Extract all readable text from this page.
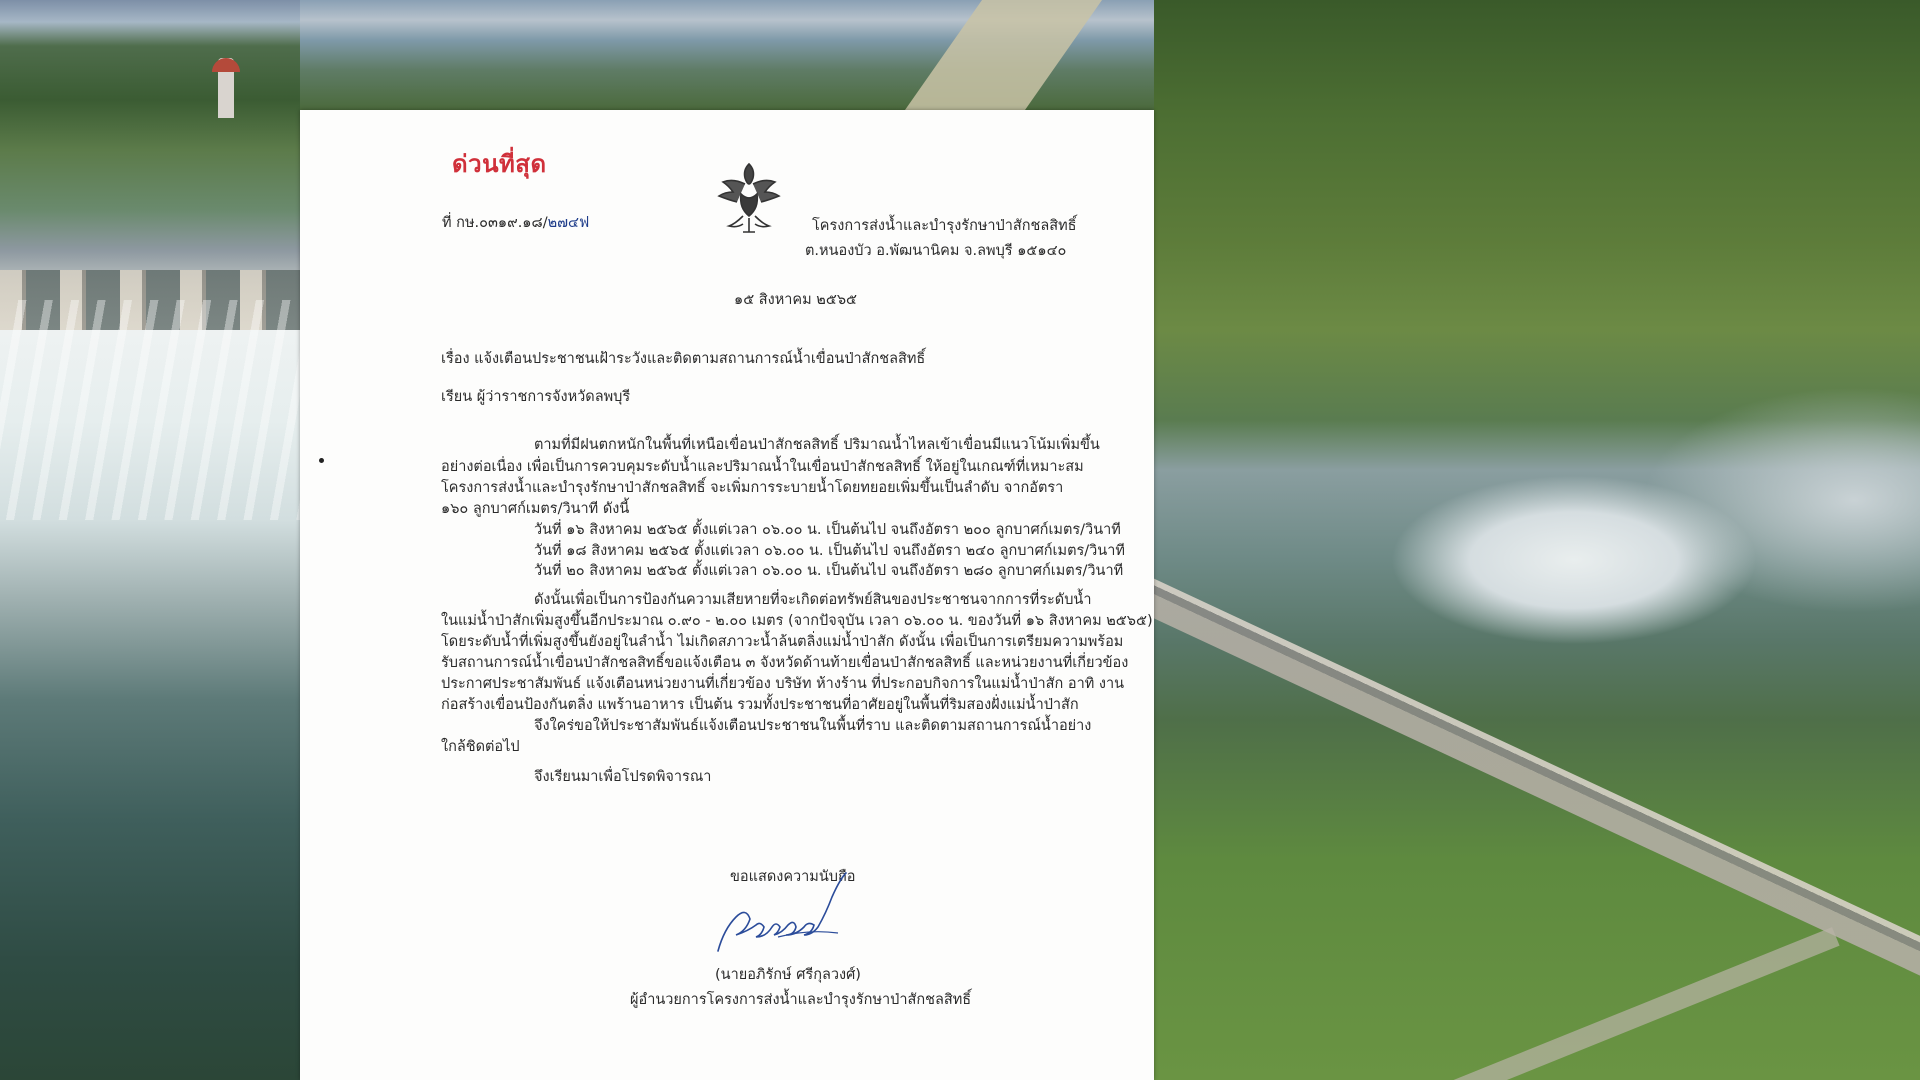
ด่วนที่สุด
ที่ กษ.๐๓๑๙.๑๘/๒๗๔ฟ	โครงการส่งน้ำและบำรุงรักษาป่าสักชลสิทธิ์
ต.หนองบัว อ.พัฒนานิคม จ.ลพบุรี ๑๕๑๔๐
๑๕ สิงหาคม ๒๕๖๕
เรื่อง แจ้งเตือนประชาชนเฝ้าระวังและติดตามสถานการณ์น้ำเขื่อนป่าสักชลสิทธิ์
เรียน ผู้ว่าราชการจังหวัดลพบุรี
ตามที่มีฝนตกหนักในพื้นที่เหนือเขื่อนป่าสักชลสิทธิ์ ปริมาณน้ำไหลเข้าเขื่อนมีแนวโน้มเพิ่มขึ้น
อย่างต่อเนื่อง เพื่อเป็นการควบคุมระดับน้ำและปริมาณน้ำในเขื่อนป่าสักชลสิทธิ์ ให้อยู่ในเกณฑ์ที่เหมาะสม
โครงการส่งน้ำและบำรุงรักษาป่าสักชลสิทธิ์ จะเพิ่มการระบายน้ำโดยทยอยเพิ่มขึ้นเป็นลำดับ จากอัตรา
๑๖๐ ลูกบาศก์เมตร/วินาที ดังนี้
วันที่ ๑๖ สิงหาคม ๒๕๖๕ ตั้งแต่เวลา ๐๖.๐๐ น. เป็นต้นไป จนถึงอัตรา ๒๐๐ ลูกบาศก์เมตร/วินาที
วันที่ ๑๘ สิงหาคม ๒๕๖๕ ตั้งแต่เวลา ๐๖.๐๐ น. เป็นต้นไป จนถึงอัตรา ๒๔๐ ลูกบาศก์เมตร/วินาที
วันที่ ๒๐ สิงหาคม ๒๕๖๕ ตั้งแต่เวลา ๐๖.๐๐ น. เป็นต้นไป จนถึงอัตรา ๒๘๐ ลูกบาศก์เมตร/วินาที
ดังนั้นเพื่อเป็นการป้องกันความเสียหายที่จะเกิดต่อทรัพย์สินของประชาชนจากการที่ระดับน้ำ
ในแม่น้ำป่าสักเพิ่มสูงขึ้นอีกประมาณ ๐.๙๐ - ๒.๐๐ เมตร (จากปัจจุบัน เวลา ๐๖.๐๐ น. ของวันที่ ๑๖ สิงหาคม ๒๕๖๕)
โดยระดับน้ำที่เพิ่มสูงขึ้นยังอยู่ในลำน้ำ ไม่เกิดสภาวะน้ำล้นตลิ่งแม่น้ำป่าสัก ดังนั้น เพื่อเป็นการเตรียมความพร้อม
รับสถานการณ์น้ำเขื่อนป่าสักชลสิทธิ์ขอแจ้งเตือน ๓ จังหวัดด้านท้ายเขื่อนป่าสักชลสิทธิ์ และหน่วยงานที่เกี่ยวข้อง
ประกาศประชาสัมพันธ์ แจ้งเตือนหน่วยงานที่เกี่ยวข้อง บริษัท ห้างร้าน ที่ประกอบกิจการในแม่น้ำป่าสัก อาทิ งาน
ก่อสร้างเขื่อนป้องกันตลิ่ง แพร้านอาหาร เป็นต้น รวมทั้งประชาชนที่อาศัยอยู่ในพื้นที่ริมสองฝั่งแม่น้ำป่าสัก
จึงใคร่ขอให้ประชาสัมพันธ์แจ้งเตือนประชาชนในพื้นที่ราบ และติดตามสถานการณ์น้ำอย่าง
ใกล้ชิดต่อไป
จึงเรียนมาเพื่อโปรดพิจารณา
ขอแสดงความนับถือ
(นายอภิรักษ์ ศรีกุลวงศ์)
ผู้อำนวยการโครงการส่งน้ำและบำรุงรักษาป่าสักชลสิทธิ์
